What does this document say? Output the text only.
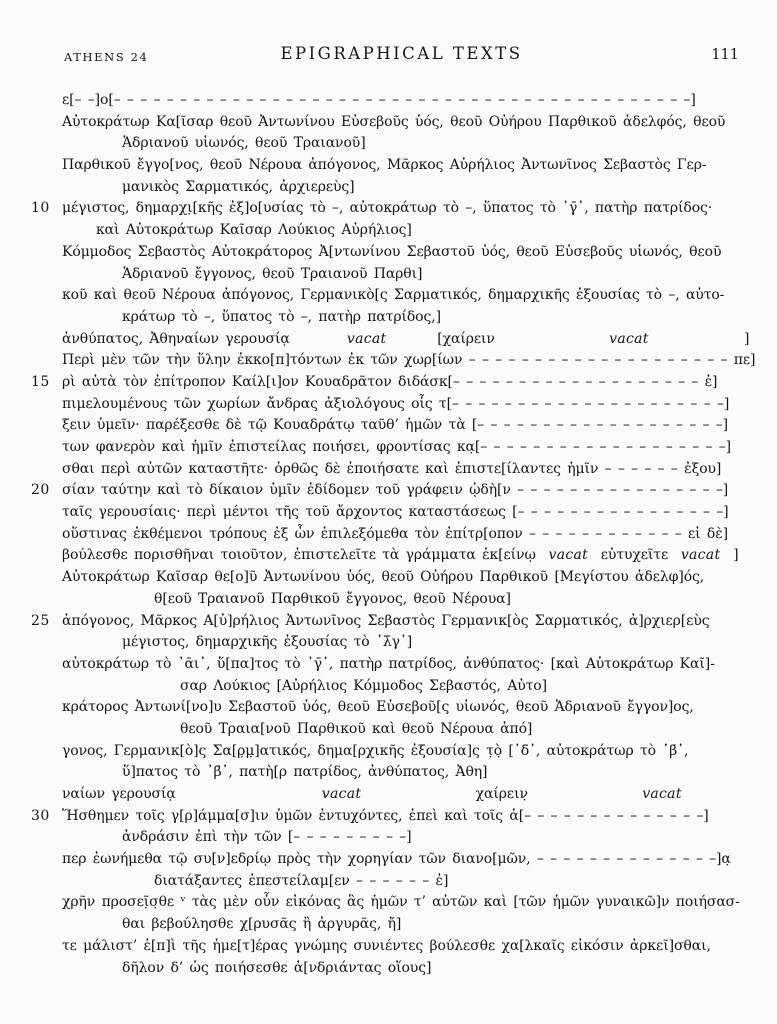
ATHENS 24	EPIGRAPHICAL TEXTS	111
ε[– –]ο[– – – – – – – – – – – – – – – – – – – – – – – – – – – – – – – – – – – – – – – – – – – –]
Αὐτοκράτωρ Κα[ῖσαρ θεοῦ Ἀντωνίνου Εὐσεβοῦς ὑός, θεοῦ Οὐήρου Παρθικοῦ ἀδελφός, θεοῦ
Ἁδριανοῦ υἱωνός, θεοῦ Τραιανοῦ]
Παρθικοῦ ἔγγο[νος, θεοῦ Νέρουα ἀπόγονος, Μᾶρκος Αὐρήλιος Ἀντωνῖνος Σεβαστὸς Γερ-
μανικὸς Σαρματικός, ἀρχιερεὺς]
10 μέγιστος, δημαρχι̣[κῆς ἐξ]ο[υσίας τὸ –, αὐτοκράτωρ τὸ –, ὕπατος τὸ ᾽γ̄᾽, πατὴρ πατρίδος·
καὶ Αὐτοκράτωρ Καῖσαρ Λούκιος Αὐρήλιος]
Κόμμοδος Σεβαστὸς Αὐτοκράτορος Ἀ[ντωνίνου Σεβαστοῦ ὑός, θεοῦ Εὐσεβοῦς υἱωνός, θεοῦ
Ἁδριανοῦ ἔγγονος, θεοῦ Τραιανοῦ Παρθι]
κοῦ καὶ θεοῦ Νέρουα ἀπόγονος, Γερμανικὸ[ς Σαρματικός, δημαρχικῆς ἐξουσίας τὸ –, αὐτο-
κράτωρ τὸ –, ὕπατος τὸ –, πατὴρ πατρίδος,]
ἀνθύπατος, Ἀθηναίων γερουσίᾳ         vacat        [χαίρειν                  vacat               ]
Περὶ μὲν τῶν τὴν ὕλην ἐκκο[π]τόντων ἐκ τῶν χωρ[ίων – – – – – – – – – – – – – – – – – – – – πε]
15 ρὶ αὐτὰ τὸν ἐπίτροπον Καίλ[ι]ον Κουαδρᾶτον διδάσκ[– – – – – – – – – – – – – – – – – – – ἐ]
πιμελουμένους τῶν χωρίων ἄνδρας ἀξιολόγους οἷς τ[– – – – – – – – – – – – – – – – – – – – –]
ξειν ὑμεῖν· παρέξεσθε δὲ τῷ Κουαδράτῳ ταῦθ’ ἡμῶν τὰ [– – – – – – – – – – – – – – – – – – –]
των φανερὸν καὶ ἡμῖν ἐπιστείλας ποιήσει, φροντίσας κα̣[– – – – – – – – – – – – – – – – – – –]
σθαι περὶ αὐτῶν καταστῆτε· ὀρθῶς δὲ ἐποιήσατε καὶ ἐπιστε[ίλαντες ἡμῖν – – – – – – ἐξου]
20 σίαν ταύτην καὶ τὸ δίκαιον ὑμῖν ἐδίδομεν τοῦ γράφειν ᾠδὴ[ν – – – – – – – – – – – – – – – –]
ταῖς γερουσίαις· περὶ μέντοι τῆς τοῦ ἄρχοντος καταστάσεως [– – – – – – – – – – – – – – – –]
οὕστινας ἐκθέμενοι τρόπους ἐξ ὧν ἐπιλεξόμεθα τὸν ἐπίτρ[οπον – – – – – – – – – – – – εἰ δὲ]
βούλεσθε πορισθῆναι τοιοῦτον, ἐπιστελεῖτε τὰ γράμματα ἐκ[είνῳ  vacat  εὐτυχεῖτε  vacat  ]
Αὐτοκράτωρ Καῖσαρ θε[ο]ῦ Ἀντωνίνου ὑός, θεοῦ Οὐήρου Παρθικοῦ [Μεγίστου ἀδελφ]ός,
θ[εοῦ Τραιανοῦ Παρθικοῦ ἔγγονος, θεοῦ Νέρουα]
25 ἀπόγονος, Μᾶρκος Α[ὐ]ρήλιος Ἀντωνῖνος Σεβαστὸς Γερμανικ[ὸς Σαρματικός, ἀ]ρχιερ[εὺς
μέγιστος, δημαρχικῆς ἐξουσίας τὸ ᾽λ̄γ᾽]
αὐτοκράτωρ τὸ ᾽ᾱι᾽, ὕ[πα]τος τὸ ᾽γ̄᾽, πατὴρ πατρίδος, ἀνθύπατος· [καὶ Αὐτοκράτωρ Καῖ]-
σαρ Λούκιος [Αὐρήλιος Κόμμοδος Σεβαστός, Αὐτο]
κράτορος Ἀντωνί[νο]υ Σεβαστοῦ ὑός, θεοῦ Εὐσεβοῦ[ς υἱωνός, θεοῦ Ἁδριανοῦ ἔγγον]ος,
θεοῦ Τραια[νοῦ Παρθικοῦ καὶ θεοῦ Νέρουα ἀπό]
γονος, Γερμανικ[ὸ]ς Σα[ρ̣μ̣]ατικός, δημα[ρχικῆς ἐξουσία]ς τ̣ὸ̣ [᾽δ̄᾽, αὐτοκράτωρ τὸ ᾽β̄᾽,
ὕ]πατος τὸ ᾽β̄᾽, πατὴ[ρ πατρίδος, ἀνθύπατος, Ἀθη]
ναίων γερουσίᾳ                       vacat                  χαίρειν̣                  vacat
30 Ἥσθημεν τοῖς γ[ρ]άμμα[σ]ιν ὑμῶν ἐντυχόντες, ἐπεὶ καὶ τοῖς ἀ[– – – – – – – – – – – – – –]
ἀνδράσιν ἐπὶ τὴν τῶν [– – – – – – – – –]
περ ἐωνήμεθα τῷ συ[ν]εδρίῳ πρὸς τὴν χορηγίαν τῶν διανο[μῶν, – – – – – – – – – – – – – –]α̣
διατάξαντες ἐπεστείλαμ[εν – – – – – – ἐ]
χρῆν προσεῖ̣σ̣θε ᵛ τὰς μὲν οὖν εἰκόνας ἃς ἡμῶν τ’ αὐτῶν καὶ [τῶν ἡμῶν γυναικῶ]ν ποιήσασ-
θαι βεβούλησθε χ[ρυσᾶς ἢ ἀργυρᾶς, ἤ]
τε μάλιστ’ ἐ[π]ὶ τῆς ἡμε[τ]έρας γνώμης συνιέντες βούλεσθε χα[λκαῖς εἰκόσιν ἀρκεῖ]σθαι,
δῆλον δ’ ὡς ποιήσεσθε ἀ[νδριάντας οἵους]
